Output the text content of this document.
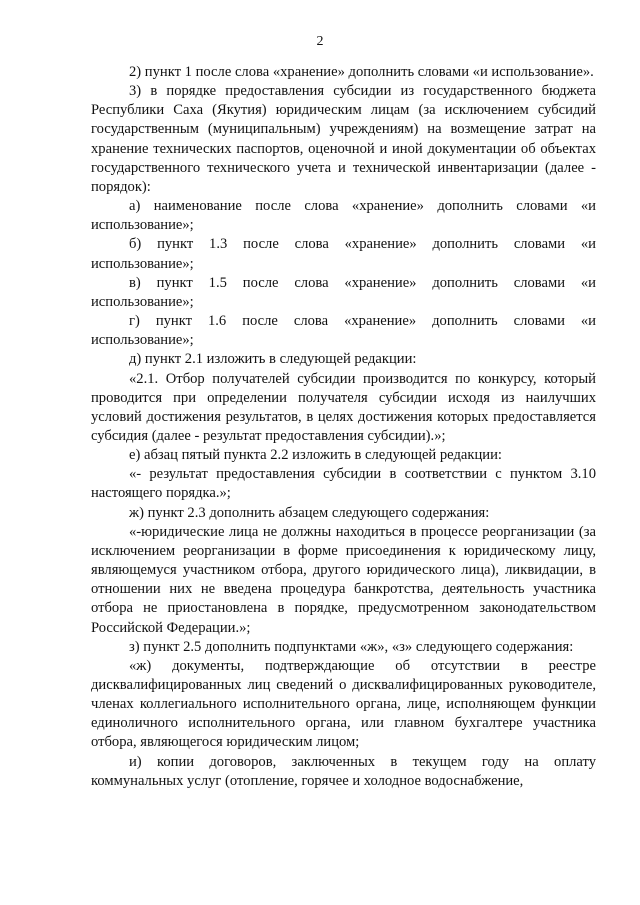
2

2) пункт 1 после слова «хранение» дополнить словами «и использование».

3) в порядке предоставления субсидии из государственного бюджета Республики Саха (Якутия) юридическим лицам (за исключением субсидий государственным (муниципальным) учреждениям) на возмещение затрат на хранение технических паспортов, оценочной и иной документации об объектах государственного технического учета и технической инвентаризации (далее - порядок):

а) наименование после слова «хранение» дополнить словами «и использование»;

б) пункт 1.3 после слова «хранение» дополнить словами «и использование»;

в) пункт 1.5 после слова «хранение» дополнить словами «и использование»;

г) пункт 1.6 после слова «хранение» дополнить словами «и использование»;

д) пункт 2.1 изложить в следующей редакции:

«2.1. Отбор получателей субсидии производится по конкурсу, который проводится при определении получателя субсидии исходя из наилучших условий достижения результатов, в целях достижения которых предоставляется субсидия (далее - результат предоставления субсидии).»;

е) абзац пятый пункта 2.2 изложить в следующей редакции:

«- результат предоставления субсидии в соответствии с пунктом 3.10 настоящего порядка.»;

ж) пункт 2.3 дополнить абзацем следующего содержания:

«-юридические лица не должны находиться в процессе реорганизации (за исключением реорганизации в форме присоединения к юридическому лицу, являющемуся участником отбора, другого юридического лица), ликвидации, в отношении них не введена процедура банкротства, деятельность участника отбора не приостановлена в порядке, предусмотренном законодательством Российской Федерации.»;

з) пункт 2.5 дополнить подпунктами «ж», «з» следующего содержания:

«ж) документы, подтверждающие об отсутствии в реестре дисквалифицированных лиц сведений о дисквалифицированных руководителе, членах коллегиального исполнительного органа, лице, исполняющем функции единоличного исполнительного органа, или главном бухгалтере участника отбора, являющегося юридическим лицом;

и) копии договоров, заключенных в текущем году на оплату коммунальных услуг (отопление, горячее и холодное водоснабжение,
